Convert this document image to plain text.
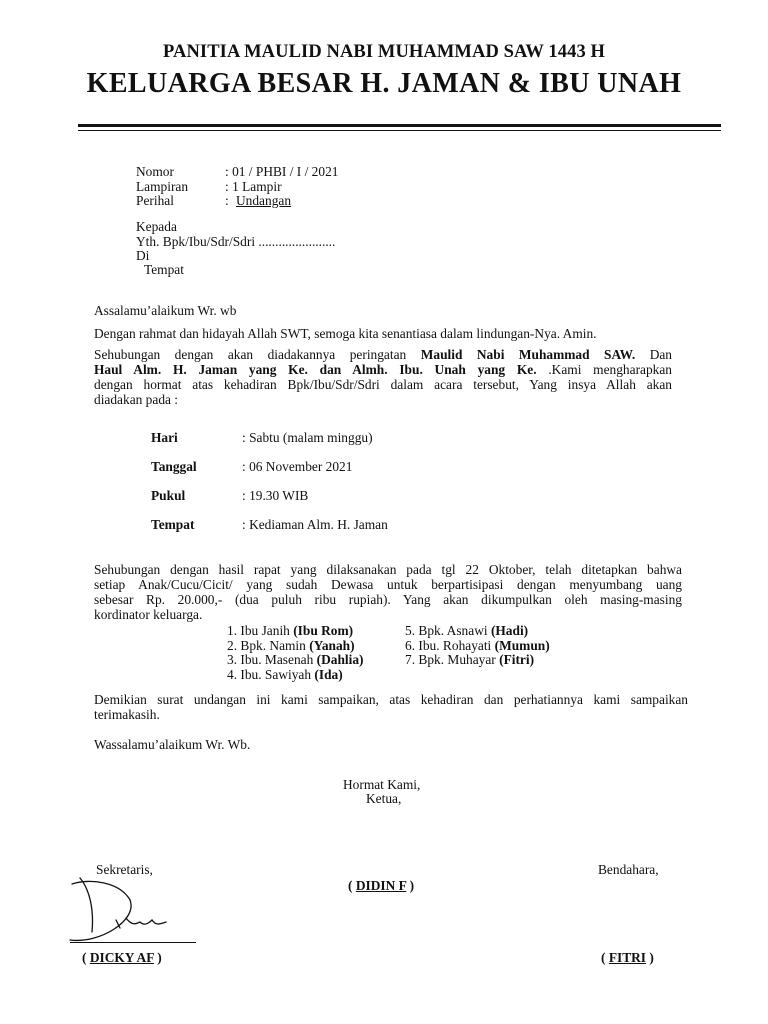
PANITIA MAULID NABI MUHAMMAD SAW 1443 H
KELUARGA BESAR H. JAMAN & IBU UNAH
Nomor	: 01 / PHBI / I / 2021
Lampiran	: 1 Lampir
Perihal	: Undangan
Kepada
Yth. Bpk/Ibu/Sdr/Sdri .......................
Di
Tempat
Assalamu’alaikum Wr. wb
Dengan rahmat dan hidayah Allah SWT, semoga kita senantiasa dalam lindungan-Nya. Amin.
Sehubungan dengan akan diadakannya peringatan Maulid Nabi Muhammad SAW. Dan
Haul Alm. H. Jaman yang Ke. dan Almh. Ibu. Unah yang Ke. .Kami mengharapkan
dengan hormat atas kehadiran Bpk/Ibu/Sdr/Sdri dalam acara tersebut, Yang insya Allah akan
diadakan pada :
Hari	: Sabtu (malam minggu)
Tanggal	: 06 November 2021
Pukul	: 19.30 WIB
Tempat	: Kediaman Alm. H. Jaman
Sehubungan dengan hasil rapat yang dilaksanakan pada tgl 22 Oktober, telah ditetapkan bahwa
setiap Anak/Cucu/Cicit/ yang sudah Dewasa untuk berpartisipasi dengan menyumbang uang
sebesar Rp. 20.000,- (dua puluh ribu rupiah). Yang akan dikumpulkan oleh masing-masing
kordinator keluarga.
1. Ibu Janih (Ibu Rom)
2. Bpk. Namin (Yanah)
3. Ibu. Masenah (Dahlia)
4. Ibu. Sawiyah (Ida)
5. Bpk. Asnawi (Hadi)
6. Ibu. Rohayati (Mumun)
7. Bpk. Muhayar (Fitri)
Demikian surat undangan ini kami sampaikan, atas kehadiran dan perhatiannya kami sampaikan
terimakasih.
Wassalamu’alaikum Wr. Wb.
Hormat Kami,
Ketua,
Sekretaris,	Bendahara,
( DIDIN F )
( DICKY AF )	( FITRI )
